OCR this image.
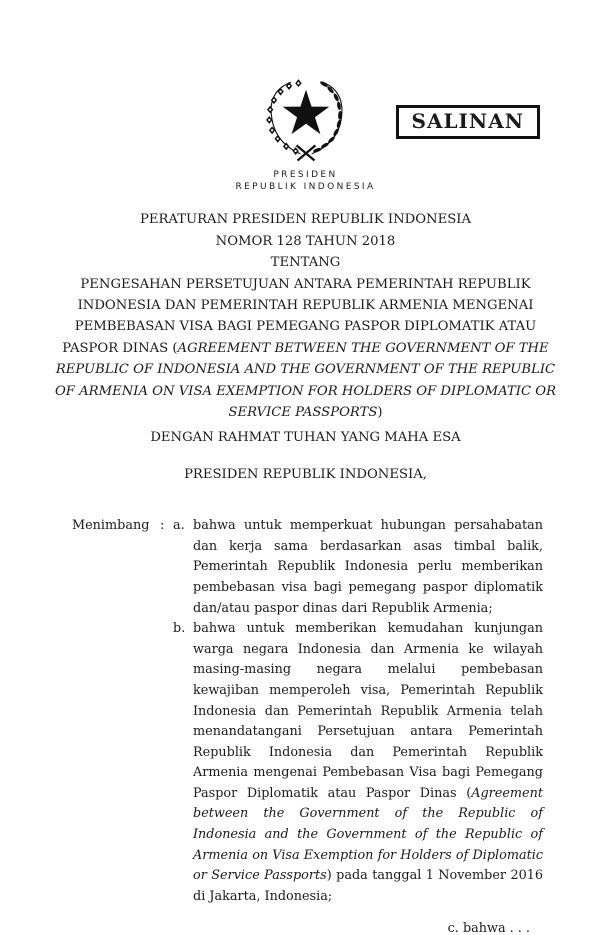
SALINAN
PRESIDEN
REPUBLIK INDONESIA
PERATURAN PRESIDEN REPUBLIK INDONESIA
NOMOR 128 TAHUN 2018
TENTANG
PENGESAHAN PERSETUJUAN ANTARA PEMERINTAH REPUBLIK INDONESIA DAN PEMERINTAH REPUBLIK ARMENIA MENGENAI PEMBEBASAN VISA BAGI PEMEGANG PASPOR DIPLOMATIK ATAU PASPOR DINAS (AGREEMENT BETWEEN THE GOVERNMENT OF THE REPUBLIC OF INDONESIA AND THE GOVERNMENT OF THE REPUBLIC OF ARMENIA ON VISA EXEMPTION FOR HOLDERS OF DIPLOMATIC OR SERVICE PASSPORTS)
DENGAN RAHMAT TUHAN YANG MAHA ESA
PRESIDEN REPUBLIK INDONESIA,
Menimbang : a. bahwa untuk memperkuat hubungan persahabatan dan kerja sama berdasarkan asas timbal balik, Pemerintah Republik Indonesia perlu memberikan pembebasan visa bagi pemegang paspor diplomatik dan/atau paspor dinas dari Republik Armenia;
b. bahwa untuk memberikan kemudahan kunjungan warga negara Indonesia dan Armenia ke wilayah masing-masing negara melalui pembebasan kewajiban memperoleh visa, Pemerintah Republik Indonesia dan Pemerintah Republik Armenia telah menandatangani Persetujuan antara Pemerintah Republik Indonesia dan Pemerintah Republik Armenia mengenai Pembebasan Visa bagi Pemegang Paspor Diplomatik atau Paspor Dinas (Agreement between the Government of the Republic of Indonesia and the Government of the Republic of Armenia on Visa Exemption for Holders of Diplomatic or Service Passports) pada tanggal 1 November 2016 di Jakarta, Indonesia;
c. bahwa . . .
